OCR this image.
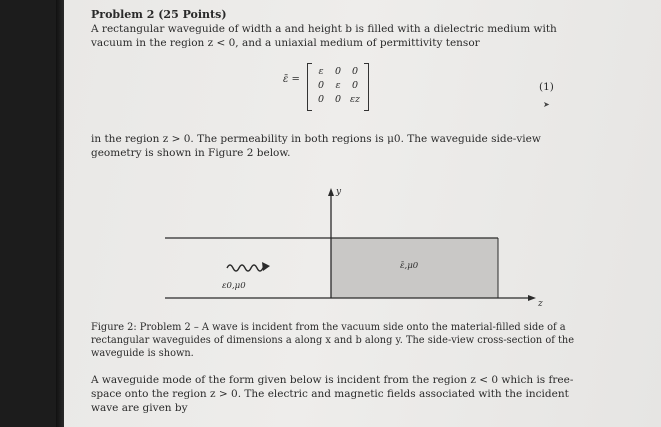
Problem 2 (25 Points)
A rectangular waveguide of width a and height b is filled with a dielectric medium with
vacuum in the region z < 0, and a uniaxial medium of permittivity tensor
ε̄ =
ε	0	0
0	ε	0
0	0 εz
(1)
➤
in the region z > 0. The permeability in both regions is μ0. The waveguide side-view
geometry is shown in Figure 2 below.
y
z
ε0,μ0
ε̄,μ0
Figure 2: Problem 2 – A wave is incident from the vacuum side onto the material-filled side of a
rectangular waveguides of dimensions a along x and b along y. The side-view cross-section of the
waveguide is shown.
A waveguide mode of the form given below is incident from the region z < 0 which is free-
space onto the region z > 0. The electric and magnetic fields associated with the incident
wave are given by
